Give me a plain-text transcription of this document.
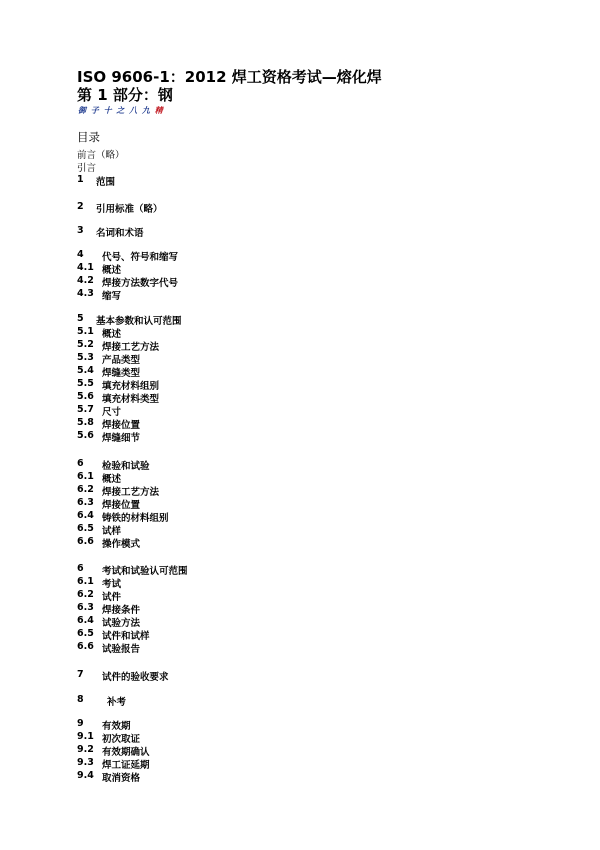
ISO 9606-1：2012 焊工资格考试—熔化焊
第 1 部分：钢
御 子 十 之 八 九 精
目录
前言（略）
引言
1 范围
2 引用标准（略）
3 名词和术语
4 代号、符号和缩写
4.1 概述
4.2 焊接方法数字代号
4.3 缩写
5 基本参数和认可范围
5.1 概述
5.2 焊接工艺方法
5.3 产品类型
5.4 焊缝类型
5.5 填充材料组别
5.6 填充材料类型
5.7 尺寸
5.8 焊接位置
5.6 焊缝细节
6 检验和试验
6.1 概述
6.2 焊接工艺方法
6.3 焊接位置
6.4 铸铁的材料组别
6.5 试样
6.6 操作模式
6 考试和试验认可范围
6.1 考试
6.2 试件
6.3 焊接条件
6.4 试验方法
6.5 试件和试样
6.6 试验报告
7 试件的验收要求
8 补考
9 有效期
9.1 初次取证
9.2 有效期确认
9.3 焊工证延期
9.4 取消资格
